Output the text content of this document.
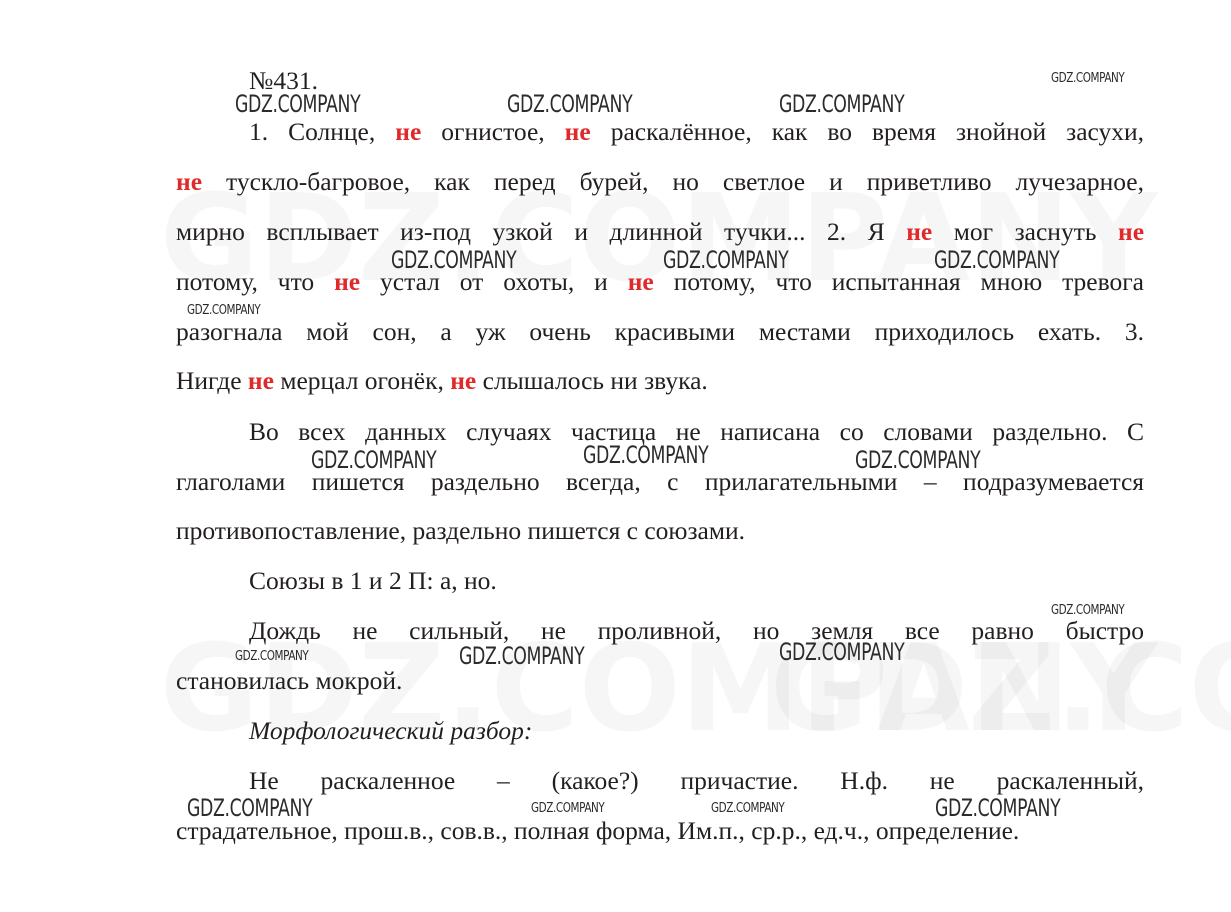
№431.
1. Солнце, не огнистое, не раскалённое, как во время знойной засухи,
не тускло-багровое, как перед бурей, но светлое и приветливо лучезарное,
мирно всплывает из-под узкой и длинной тучки... 2. Я не мог заснуть не
потому, что не устал от охоты, и не потому, что испытанная мною тревога
разогнала мой сон, а уж очень красивыми местами приходилось ехать. 3.
Нигде не мерцал огонёк, не слышалось ни звука.
Во всех данных случаях частица не написана со словами раздельно. С
глаголами пишется раздельно всегда, с прилагательными – подразумевается
противопоставление, раздельно пишется с союзами.
Союзы в 1 и 2 П: а, но.
Дождь не сильный, не проливной, но земля все равно быстро
становилась мокрой.
Морфологический разбор:
Не раскаленное – (какое?) причастие. Н.ф. не раскаленный,
страдательное, прош.в., сов.в., полная форма, Им.п., ср.р., ед.ч., определение.
GDZ.COMPANY
GDZ.COMPANY	GDZ.COMPANY	GDZ.COMPANY
GDZ.COMPANY	GDZ.COMPANY	GDZ.COMPANY
GDZ.COMPANY
GDZ.COMPANY	GDZ.COMPANY	GDZ.COMPANY
GDZ.COMPANY
GDZ.COMPANY	GDZ.COMPANY	GDZ.COMPANY
GDZ.COMPANY	GDZ.COMPANY	GDZ.COMPANY	GDZ.COMPANY
